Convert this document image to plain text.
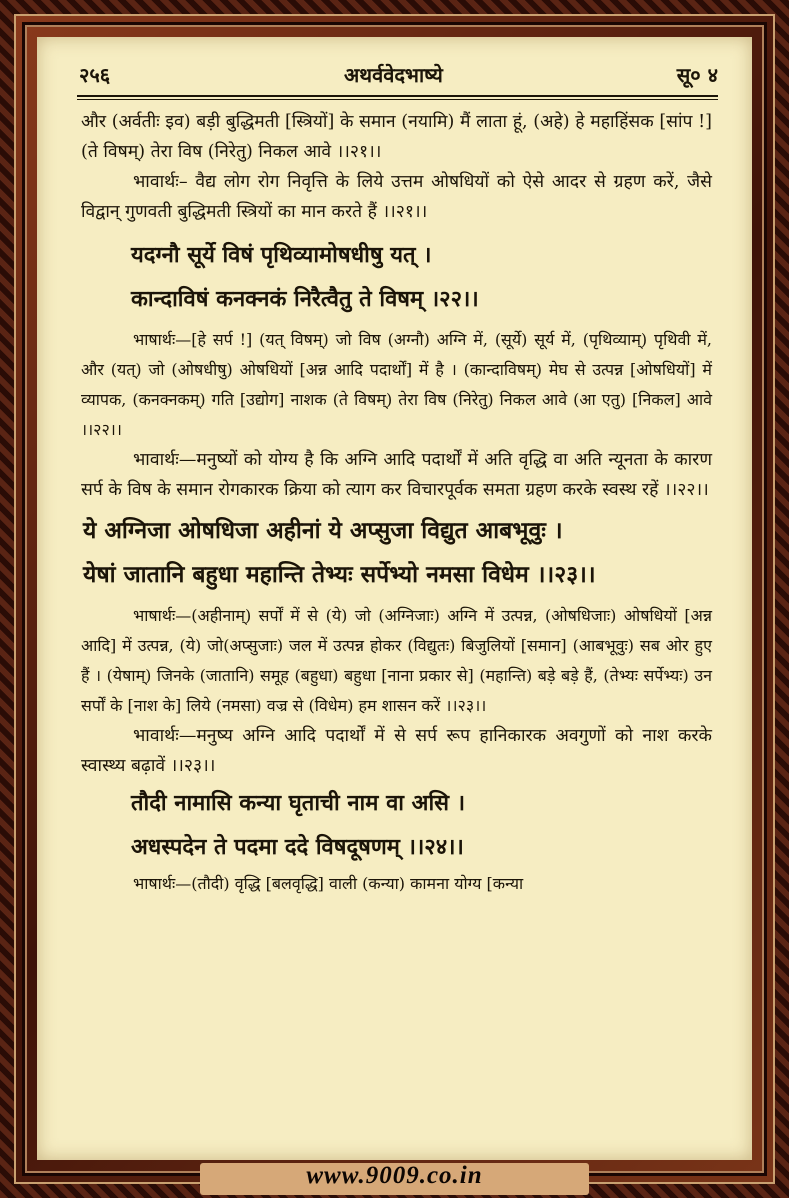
२५६	अथर्ववेदभाष्ये	सू० ४

और (अर्वतीः इव) बड़ी बुद्धिमती [स्त्रियों] के समान (नयामि) मैं लाता हूं, (अहे) हे महाहिंसक [सांप !] (ते विषम्) तेरा विष (निरेतु) निकल आवे ।।२१।।

भावार्थः– वैद्य लोग रोग निवृत्ति के लिये उत्तम ओषधियों को ऐसे आदर से ग्रहण करें, जैसे विद्वान् गुणवती बुद्धिमती स्त्रियों का मान करते हैं ।।२१।।

यदग्नौ सूर्ये विषं पृथिव्यामोषधीषु यत् ।

कान्दाविषं कनक्नकं निरैत्वैतु ते विषम् ।२२।।

भाषार्थः—[हे सर्प !] (यत् विषम्) जो विष (अग्नौ) अग्नि में, (सूर्ये) सूर्य में, (पृथिव्याम्) पृथिवी में, और (यत्) जो (ओषधीषु) ओषधियों [अन्न आदि पदार्थों] में है । (कान्दाविषम्) मेघ से उत्पन्न [ओषधियों] में व्यापक, (कनक्नकम्) गति [उद्योग] नाशक (ते विषम्) तेरा विष (निरेतु) निकल आवे (आ एतु) [निकल] आवे ।।२२।।

भावार्थः—मनुष्यों को योग्य है कि अग्नि आदि पदार्थों में अति वृद्धि वा अति न्यूनता के कारण सर्प के विष के समान रोगकारक क्रिया को त्याग कर विचारपूर्वक समता ग्रहण करके स्वस्थ रहें ।।२२।।

ये अग्निजा ओषधिजा अहीनां ये अप्सुजा विद्युत आबभूवुः ।

येषां जातानि बहुधा महान्ति तेभ्यः सर्पेभ्यो नमसा विधेम ।।२३।।

भाषार्थः—(अहीनाम्) सर्पों में से (ये) जो (अग्निजाः) अग्नि में उत्पन्न, (ओषधिजाः) ओषधियों [अन्न आदि] में उत्पन्न, (ये) जो(अप्सुजाः) जल में उत्पन्न होकर (विद्युतः) बिजुलियों [समान] (आबभूवुः) सब ओर हुए हैं । (येषाम्) जिनके (जातानि) समूह (बहुधा) बहुधा [नाना प्रकार से] (महान्ति) बड़े बड़े हैं, (तेभ्यः सर्पेभ्यः) उन सर्पों के [नाश के] लिये (नमसा) वज्र से (विधेम) हम शासन करें ।।२३।।

भावार्थः—मनुष्य अग्नि आदि पदार्थों में से सर्प रूप हानिकारक अवगुणों को नाश करके स्वास्थ्य बढ़ावें ।।२३।।

तौदी नामासि कन्या घृताची नाम वा असि ।

अधस्पदेन ते पदमा ददे विषदूषणम् ।।२४।।

भाषार्थः—(तौदी) वृद्धि [बलवृद्धि] वाली (कन्या) कामना योग्य [कन्या

www.9009.co.in
